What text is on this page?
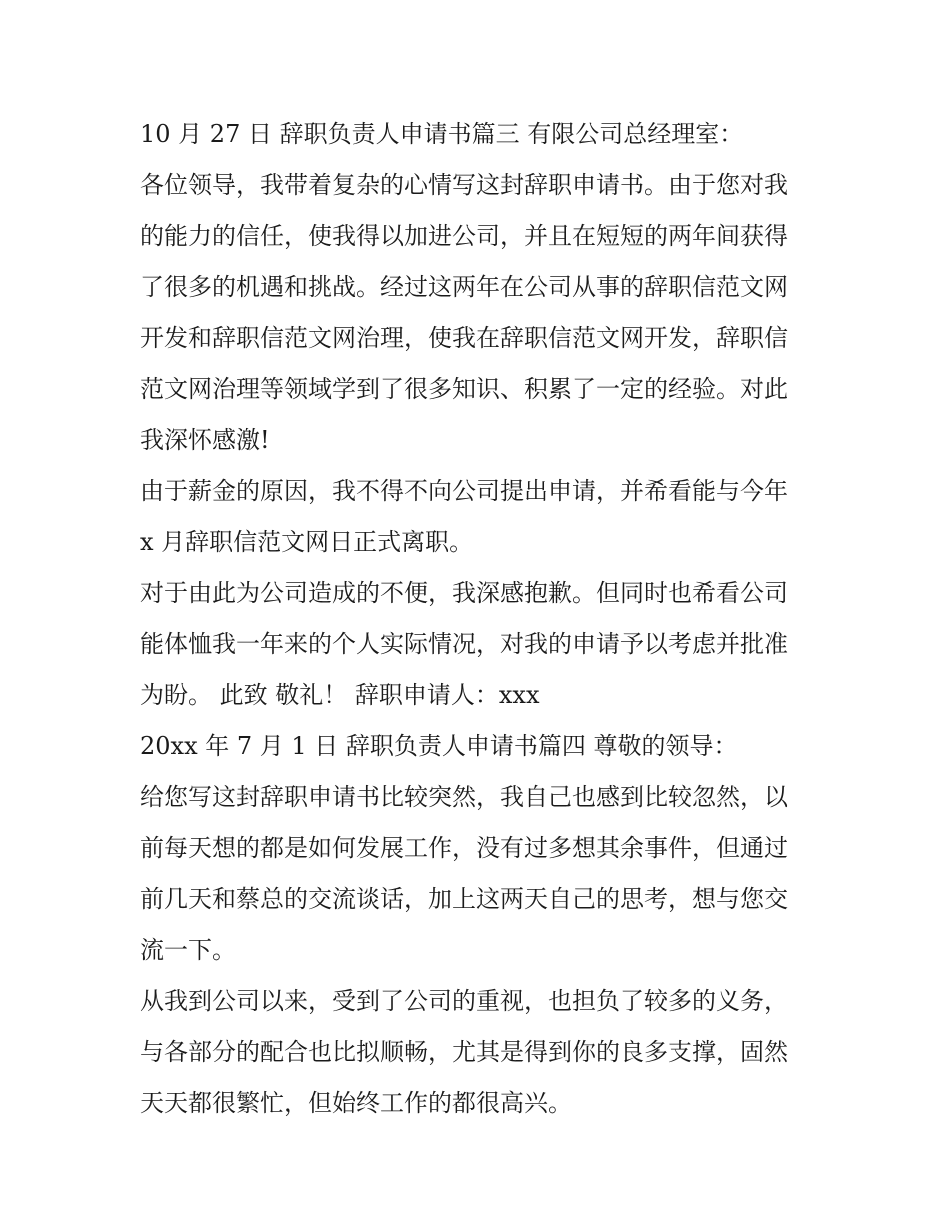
10 月 27 日 辞职负责人申请书篇三 有限公司总经理室：
各位领导，我带着复杂的心情写这封辞职申请书。由于您对我
的能力的信任，使我得以加进公司，并且在短短的两年间获得
了很多的机遇和挑战。经过这两年在公司从事的辞职信范文网
开发和辞职信范文网治理，使我在辞职信范文网开发，辞职信
范文网治理等领域学到了很多知识、积累了一定的经验。对此
我深怀感激!
由于薪金的原因，我不得不向公司提出申请，并希看能与今年
x 月辞职信范文网日正式离职。
对于由此为公司造成的不便，我深感抱歉。但同时也希看公司
能体恤我一年来的个人实际情况，对我的申请予以考虑并批准
为盼。 此致 敬礼！ 辞职申请人：xxx
20xx 年 7 月 1 日 辞职负责人申请书篇四 尊敬的领导：
给您写这封辞职申请书比较突然，我自己也感到比较忽然，以
前每天想的都是如何发展工作，没有过多想其余事件，但通过
前几天和蔡总的交流谈话，加上这两天自己的思考，想与您交
流一下。
从我到公司以来，受到了公司的重视，也担负了较多的义务，
与各部分的配合也比拟顺畅，尤其是得到你的良多支撑，固然
天天都很繁忙，但始终工作的都很高兴。
